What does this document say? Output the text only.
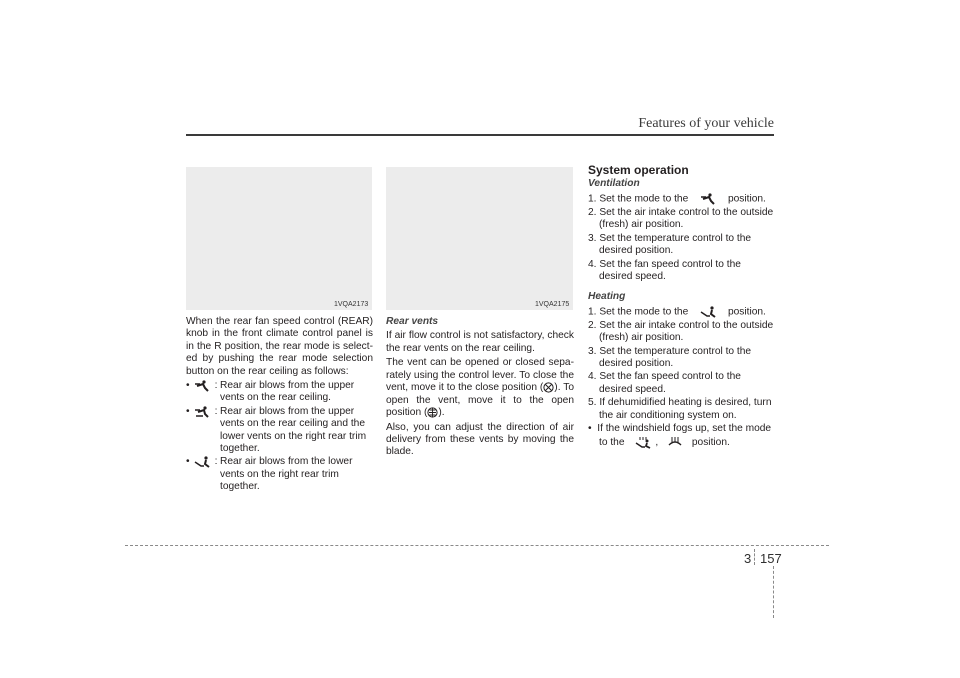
Features of your vehicle
1VQA2173	1VQA2175

When the rear fan speed control (REAR) knob in the front climate control panel is in the R position, the rear mode is select-ed by pushing the rear mode selection button on the rear ceiling as follows:

• : Rear air blows from the upper vents on the rear ceiling.
• : Rear air blows from the upper vents on the rear ceiling and the lower vents on the right rear trim together.
• : Rear air blows from the lower vents on the right rear trim together.

Rear vents

If air flow control is not satisfactory, check the rear vents on the rear ceiling.

The vent can be opened or closed sepa-rately using the control lever. To close the vent, move it to the close position ( ). To open the vent, move it to the open position ( ).

Also, you can adjust the direction of air delivery from these vents by moving the blade.

System operation

Ventilation

1. Set the mode to the	position.
2. Set the air intake control to the outside (fresh) air position.
3. Set the temperature control to the desired position.
4. Set the fan speed control to the desired speed.

Heating

1. Set the mode to the	position.
2. Set the air intake control to the outside (fresh) air position.
3. Set the temperature control to the desired position.
4. Set the fan speed control to the desired speed.
5. If dehumidified heating is desired, turn the air conditioning system on.
•  If the windshield fogs up, set the mode to the	,	position.
3 157
